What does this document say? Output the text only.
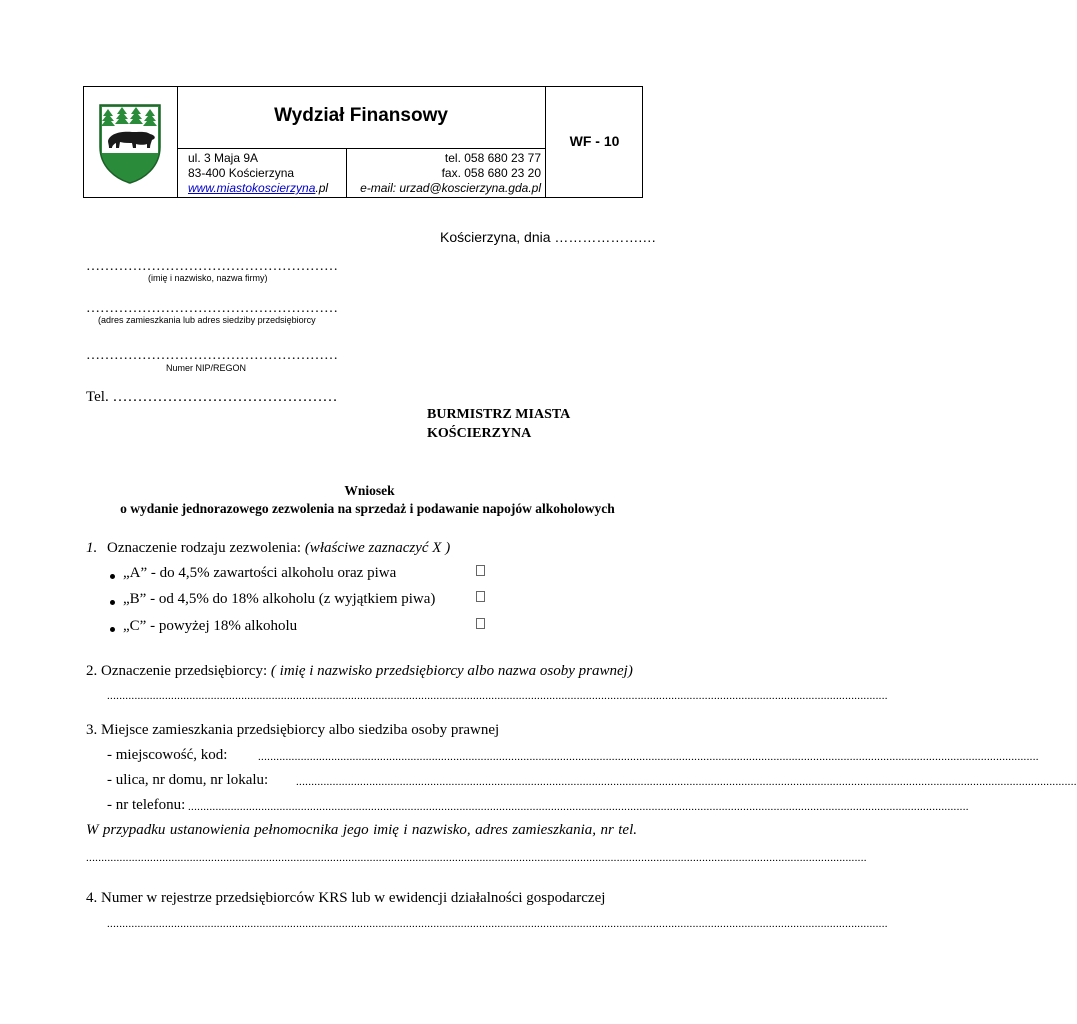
Wydział Finansowy
WF - 10
ul. 3 Maja 9A
83-400 Kościerzyna
www.miastokoscierzyna.pl
tel. 058 680 23 77
fax. 058 680 23 20
e-mail: urzad@koscierzyna.gda.pl
Kościerzyna, dnia ……………….…
………………………………………………
(imię i nazwisko, nazwa firmy)
………………………………………………
(adres zamieszkania lub adres siedziby przedsiębiorcy
………………………………………………
Numer NIP/REGON
Tel. ………………………………………
BURMISTRZ MIASTA
KOŚCIERZYNA
Wniosek
o wydanie jednorazowego zezwolenia na sprzedaż i podawanie napojów alkoholowych
1. Oznaczenie rodzaju zezwolenia: (właściwe zaznaczyć X )
„A” - do 4,5% zawartości alkoholu oraz piwa
„B” - od 4,5% do 18% alkoholu (z wyjątkiem piwa)
„C” - powyżej 18% alkoholu
2. Oznaczenie przedsiębiorcy: ( imię i nazwisko przedsiębiorcy albo nazwa osoby prawnej)
................................................................................................................................................................................................................................................................
3. Miejsce zamieszkania przedsiębiorcy albo siedziba osoby prawnej
- miejscowość, kod:	................................................................................................................................................................................................................................................................
- ulica, nr domu, nr lokalu:	................................................................................................................................................................................................................................................................
- nr telefonu: ................................................................................................................................................................................................................................................................
W przypadku ustanowienia pełnomocnika jego imię i nazwisko, adres zamieszkania, nr tel.
................................................................................................................................................................................................................................................................
4. Numer w rejestrze przedsiębiorców KRS lub w ewidencji działalności gospodarczej
................................................................................................................................................................................................................................................................
